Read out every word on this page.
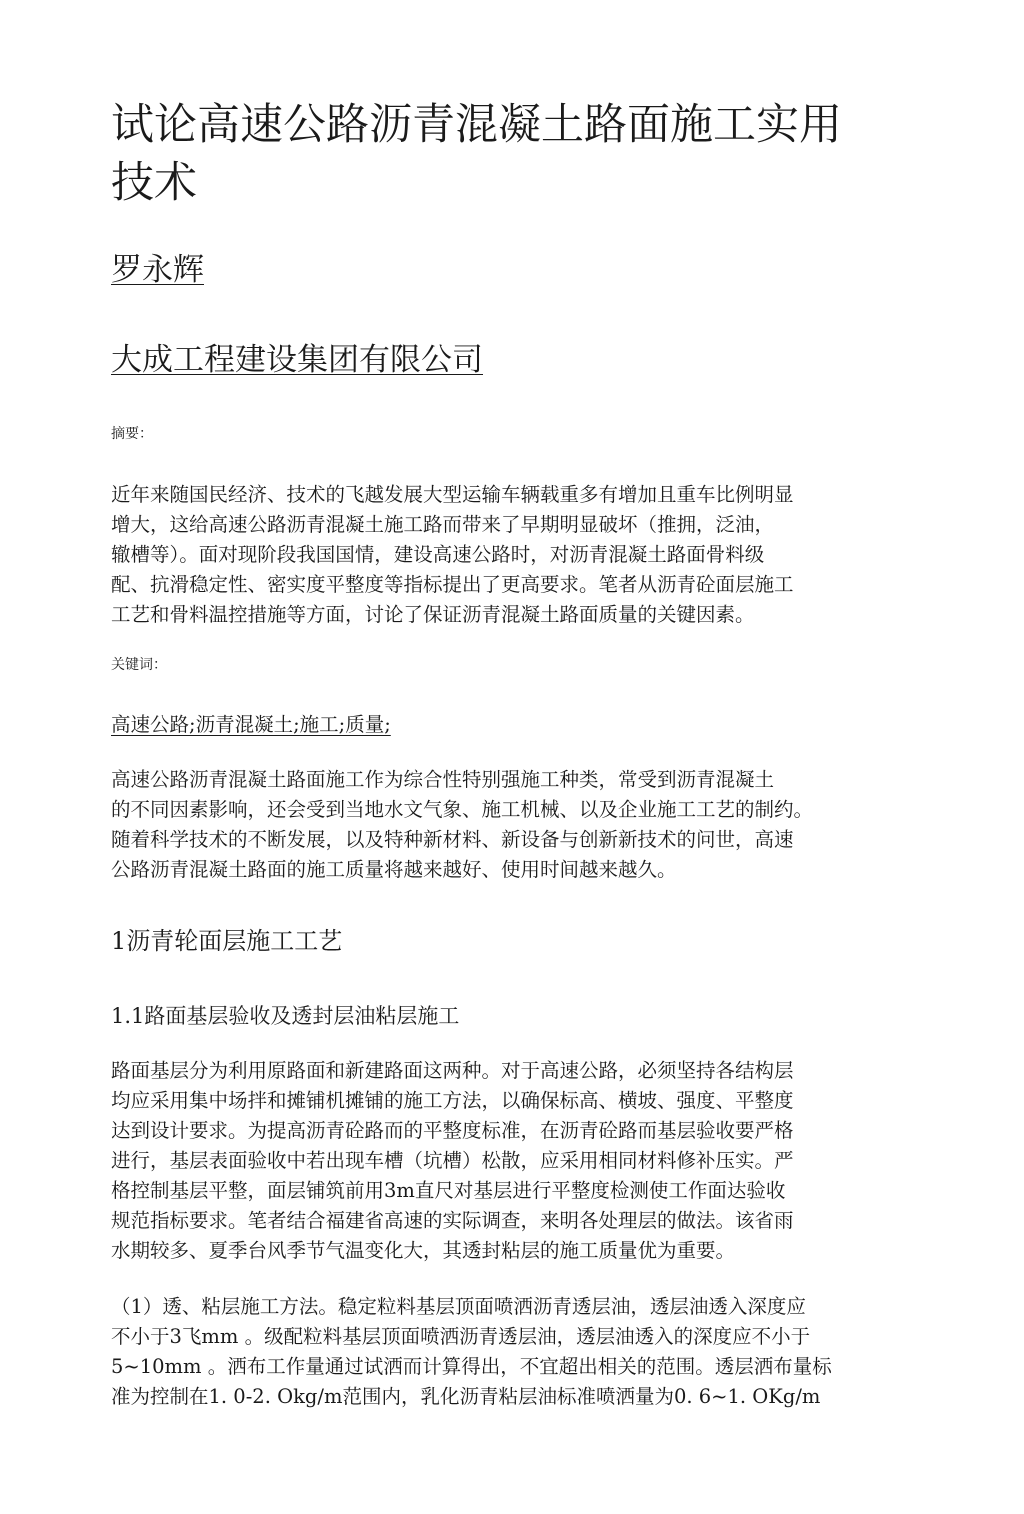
试论高速公路沥青混凝土路面施工实用
技术
罗永辉
大成工程建设集团有限公司
摘要：

近年来随国民经济、技术的飞越发展大型运输车辆载重多有增加且重车比例明显
增大，这给高速公路沥青混凝土施工路而带来了早期明显破坏（推拥，泛油，
辙槽等）。面对现阶段我国国情，建设高速公路时，对沥青混凝土路面骨料级
配、抗滑稳定性、密实度平整度等指标提出了更高要求。笔者从沥青砼面层施工
工艺和骨料温控措施等方面，讨论了保证沥青混凝土路面质量的关键因素。

关键词：

高速公路;沥青混凝土;施工;质量;

高速公路沥青混凝土路面施工作为综合性特别强施工种类，常受到沥青混凝土
的不同因素影响，还会受到当地水文气象、施工机械、以及企业施工工艺的制约。
随着科学技术的不断发展，以及特种新材料、新设备与创新新技术的问世，高速
公路沥青混凝土路面的施工质量将越来越好、使用时间越来越久。

1沥青轮面层施工工艺
1.1路面基层验收及透封层油粘层施工

路面基层分为利用原路面和新建路面这两种。对于高速公路，必须坚持各结构层
均应采用集中场拌和摊铺机摊铺的施工方法，以确保标高、横坡、强度、平整度
达到设计要求。为提高沥青砼路而的平整度标准，在沥青砼路而基层验收要严格
进行，基层表面验收中若出现车槽（坑槽）松散，应采用相同材料修补压实。严
格控制基层平整，面层铺筑前用3m直尺对基层进行平整度检测使工作面达验收
规范指标要求。笔者结合福建省高速的实际调查，来明各处理层的做法。该省雨
水期较多、夏季台风季节气温变化大，其透封粘层的施工质量优为重要。

（1）透、粘层施工方法。稳定粒料基层顶面喷洒沥青透层油，透层油透入深度应
不小于3飞mm 。级配粒料基层顶面喷洒沥青透层油，透层油透入的深度应不小于
5~10mm 。洒布工作量通过试洒而计算得出，不宜超出相关的范围。透层洒布量标
准为控制在1. 0-2. Okg/m范围内，乳化沥青粘层油标准喷洒量为0. 6~1. OKg/m
